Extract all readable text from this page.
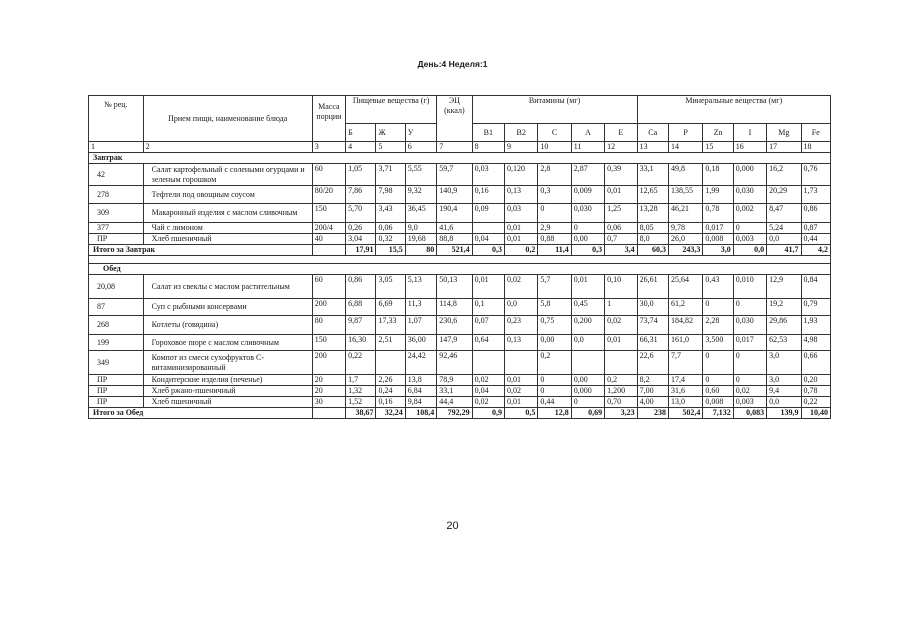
День:4 Неделя:1
№ рец.	Прием пищи, наименование блюда	Масса порции	Пищевые вещества (г)			ЭЦ (ккал)	Витамины (мг)					Минеральные вещества (мг)					
			Б	Ж	У		B1	B2	C	A	E	Ca	P	Zn	I	Mg	Fe
1	2	3	4	5	6	7	8	9	10	11	12	13	14	15	16	17	18
Завтрак																	
42	Салат картофельный с солеными огурцами и зеленым горошком	60	1,05	3,71	5,55	59,7	0,03	0,120	2,8	2,87	0,39	33,1	49,8	0,18	0,000	16,2	0,76
278	Тефтели под овощным соусом	80/20	7,86	7,98	9,32	140,9	0,16	0,13	0,3	0,009	0,01	12,65	138,55	1,99	0,030	20,29	1,73
309	Макаронный изделия с маслом сливочным	150	5,70	3,43	36,45	190,4	0,09	0,03	0	0,030	1,25	13,28	46,21	0,78	0,002	8,47	0,86
377	Чай с лимоном	200/4	0,26	0,06	9,0	41,6		0,01	2,9	0	0,06	8,05	9,78	0,017	0	5,24	0,87
ПР	Хлеб пшеничный	40	3,04	0,32	19,68	88,8	0,04	0,01	0,88	0,00	0,7	8,0	26,0	0,008	0,003	0,0	0,44
Итого за Завтрак			17,91	15,5	80	521,4	0,3	0,2	11,4	0,3	3,4	60,3	243,3	3,0	0,0	41,7	4,2

Обед																	
20,08	Салат из свеклы с маслом растительным	60	0,86	3,05	5,13	50,13	0,01	0,02	5,7	0,01	0,10	26,61	25,64	0,43	0,010	12,9	0,84
87	Суп с рыбными консервами	200	6,88	6,69	11,3	114,8	0,1	0,0	5,8	0,45	1	30,0	61,2	0	0	19,2	0,79
268	Котлеты (говядина)	80	9,87	17,33	1,07	230,6	0,07	0,23	0,75	0,200	0,02	73,74	184,82	2,28	0,030	29,86	1,93
199	Гороховое пюре с маслом сливочным	150	16,30	2,51	36,00	147,9	0,64	0,13	0,00	0,0	0,01	66,31	161,0	3,500	0,017	62,53	4,98
349	Компот из смеси сухофруктов С- витаминизированный	200	0,22		24,42	92,46			0,2			22,6	7,7	0	0	3,0	0,66
ПР	Кондитерские изделия (печенье)	20	1,7	2,26	13,8	78,9	0,02	0,01	0	0,00	0,2	8,2	17,4	0	0	3,0	0,20
ПР	Хлеб ржано-пшеничный	20	1,32	0,24	6,84	33,1	0,04	0,02	0	0,000	1,200	7,00	31,6	0,60	0,02	9,4	0,78
ПР	Хлеб пшеничный	30	1,52	0,16	9,84	44,4	0,02	0,01	0,44	0	0,70	4,00	13,0	0,008	0,003	0,0	0,22
Итого за Обед			38,67	32,24	108,4	792,29	0,9	0,5	12,8	0,69	3,23	238	502,4	7,132	0,083	139,9	10,40
20
